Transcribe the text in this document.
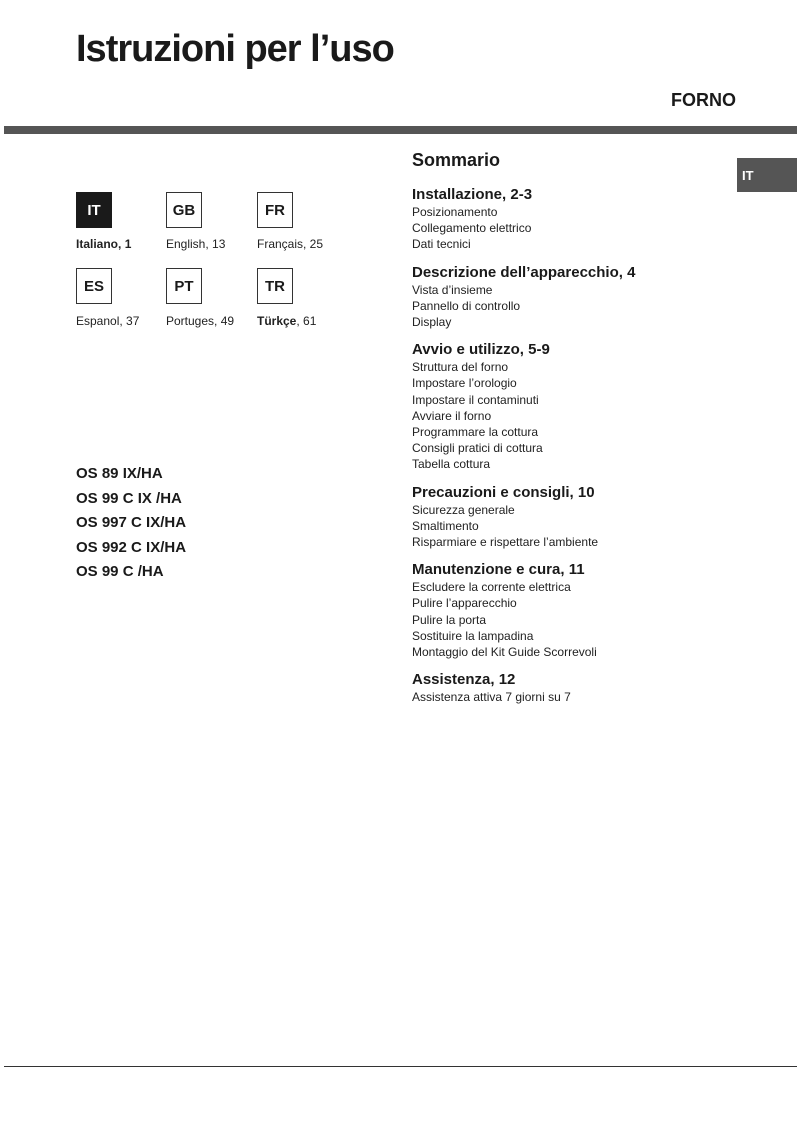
Istruzioni per l’uso
FORNO
IT
IT	GB	FR
Italiano, 1	English, 13	Français, 25
ES	PT	TR
Espanol, 37 Portuges, 49 Türkçe, 61
OS 89 IX/HA
OS 99 C IX /HA
OS 997 C IX/HA
OS 992 C IX/HA
OS 99 C /HA
Sommario
Installazione, 2-3
Posizionamento
Collegamento elettrico
Dati tecnici
Descrizione dell’apparecchio, 4
Vista d’insieme
Pannello di controllo
Display
Avvio e utilizzo, 5-9
Struttura del forno
Impostare l’orologio
Impostare il contaminuti
Avviare il forno
Programmare la cottura
Consigli pratici di cottura
Tabella cottura
Precauzioni e consigli, 10
Sicurezza generale
Smaltimento
Risparmiare e rispettare l’ambiente
Manutenzione e cura, 11
Escludere la corrente elettrica
Pulire l’apparecchio
Pulire la porta
Sostituire la lampadina
Montaggio del Kit Guide Scorrevoli
Assistenza, 12
Assistenza attiva 7 giorni su 7
